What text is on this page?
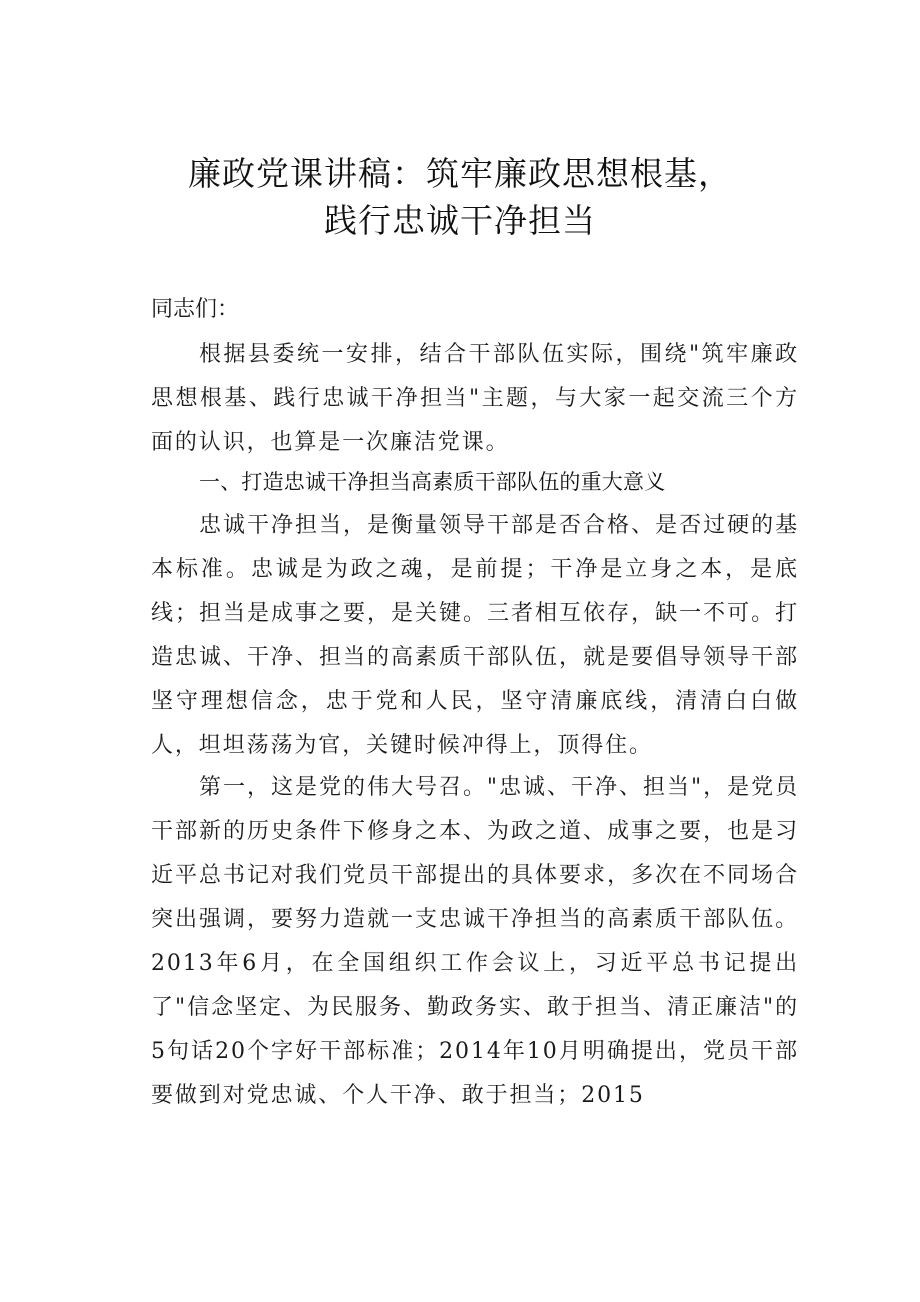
廉政党课讲稿：筑牢廉政思想根基，
践行忠诚干净担当
同志们：

根据县委统一安排，结合干部队伍实际，围绕"筑牢廉政思想根基、践行忠诚干净担当"主题，与大家一起交流三个方面的认识，也算是一次廉洁党课。

一、打造忠诚干净担当高素质干部队伍的重大意义

忠诚干净担当，是衡量领导干部是否合格、是否过硬的基本标准。忠诚是为政之魂，是前提；干净是立身之本，是底线；担当是成事之要，是关键。三者相互依存，缺一不可。打造忠诚、干净、担当的高素质干部队伍，就是要倡导领导干部坚守理想信念，忠于党和人民，坚守清廉底线，清清白白做人，坦坦荡荡为官，关键时候冲得上，顶得住。

第一，这是党的伟大号召。"忠诚、干净、担当"，是党员干部新的历史条件下修身之本、为政之道、成事之要，也是习近平总书记对我们党员干部提出的具体要求，多次在不同场合突出强调，要努力造就一支忠诚干净担当的高素质干部队伍。2013年6月，在全国组织工作会议上，习近平总书记提出了"信念坚定、为民服务、勤政务实、敢于担当、清正廉洁"的5句话20个字好干部标准；2014年10月明确提出，党员干部要做到对党忠诚、个人干净、敢于担当；2015
